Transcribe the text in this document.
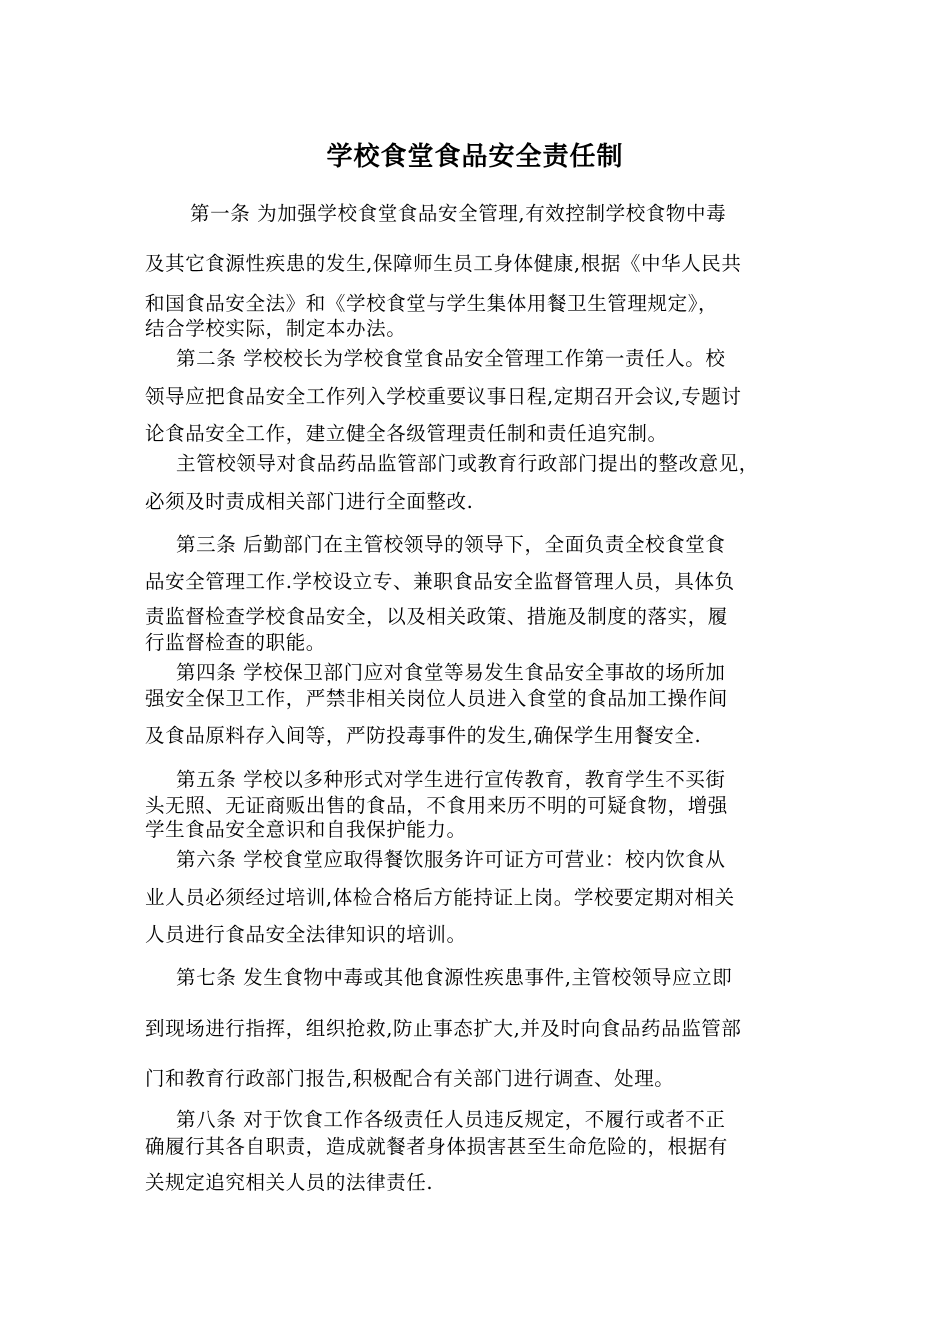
学校食堂食品安全责任制
第一条 为加强学校食堂食品安全管理,有效控制学校食物中毒
及其它食源性疾患的发生,保障师生员工身体健康,根据《中华人民共
和国食品安全法》和《学校食堂与学生集体用餐卫生管理规定》，
结合学校实际，制定本办法。
第二条 学校校长为学校食堂食品安全管理工作第一责任人。校
领导应把食品安全工作列入学校重要议事日程,定期召开会议,专题讨
论食品安全工作，建立健全各级管理责任制和责任追究制。
主管校领导对食品药品监管部门或教育行政部门提出的整改意见，
必须及时责成相关部门进行全面整改.
第三条 后勤部门在主管校领导的领导下，全面负责全校食堂食
品安全管理工作.学校设立专、兼职食品安全监督管理人员，具体负
责监督检查学校食品安全，以及相关政策、措施及制度的落实，履
行监督检查的职能。
第四条 学校保卫部门应对食堂等易发生食品安全事故的场所加
强安全保卫工作，严禁非相关岗位人员进入食堂的食品加工操作间
及食品原料存入间等，严防投毒事件的发生,确保学生用餐安全.
第五条 学校以多种形式对学生进行宣传教育，教育学生不买街
头无照、无证商贩出售的食品，不食用来历不明的可疑食物，增强
学生食品安全意识和自我保护能力。
第六条 学校食堂应取得餐饮服务许可证方可营业：校内饮食从
业人员必须经过培训,体检合格后方能持证上岗。学校要定期对相关
人员进行食品安全法律知识的培训。
第七条 发生食物中毒或其他食源性疾患事件,主管校领导应立即
到现场进行指挥，组织抢救,防止事态扩大,并及时向食品药品监管部
门和教育行政部门报告,积极配合有关部门进行调查、处理。
第八条 对于饮食工作各级责任人员违反规定，不履行或者不正
确履行其各自职责，造成就餐者身体损害甚至生命危险的，根据有
关规定追究相关人员的法律责任.
